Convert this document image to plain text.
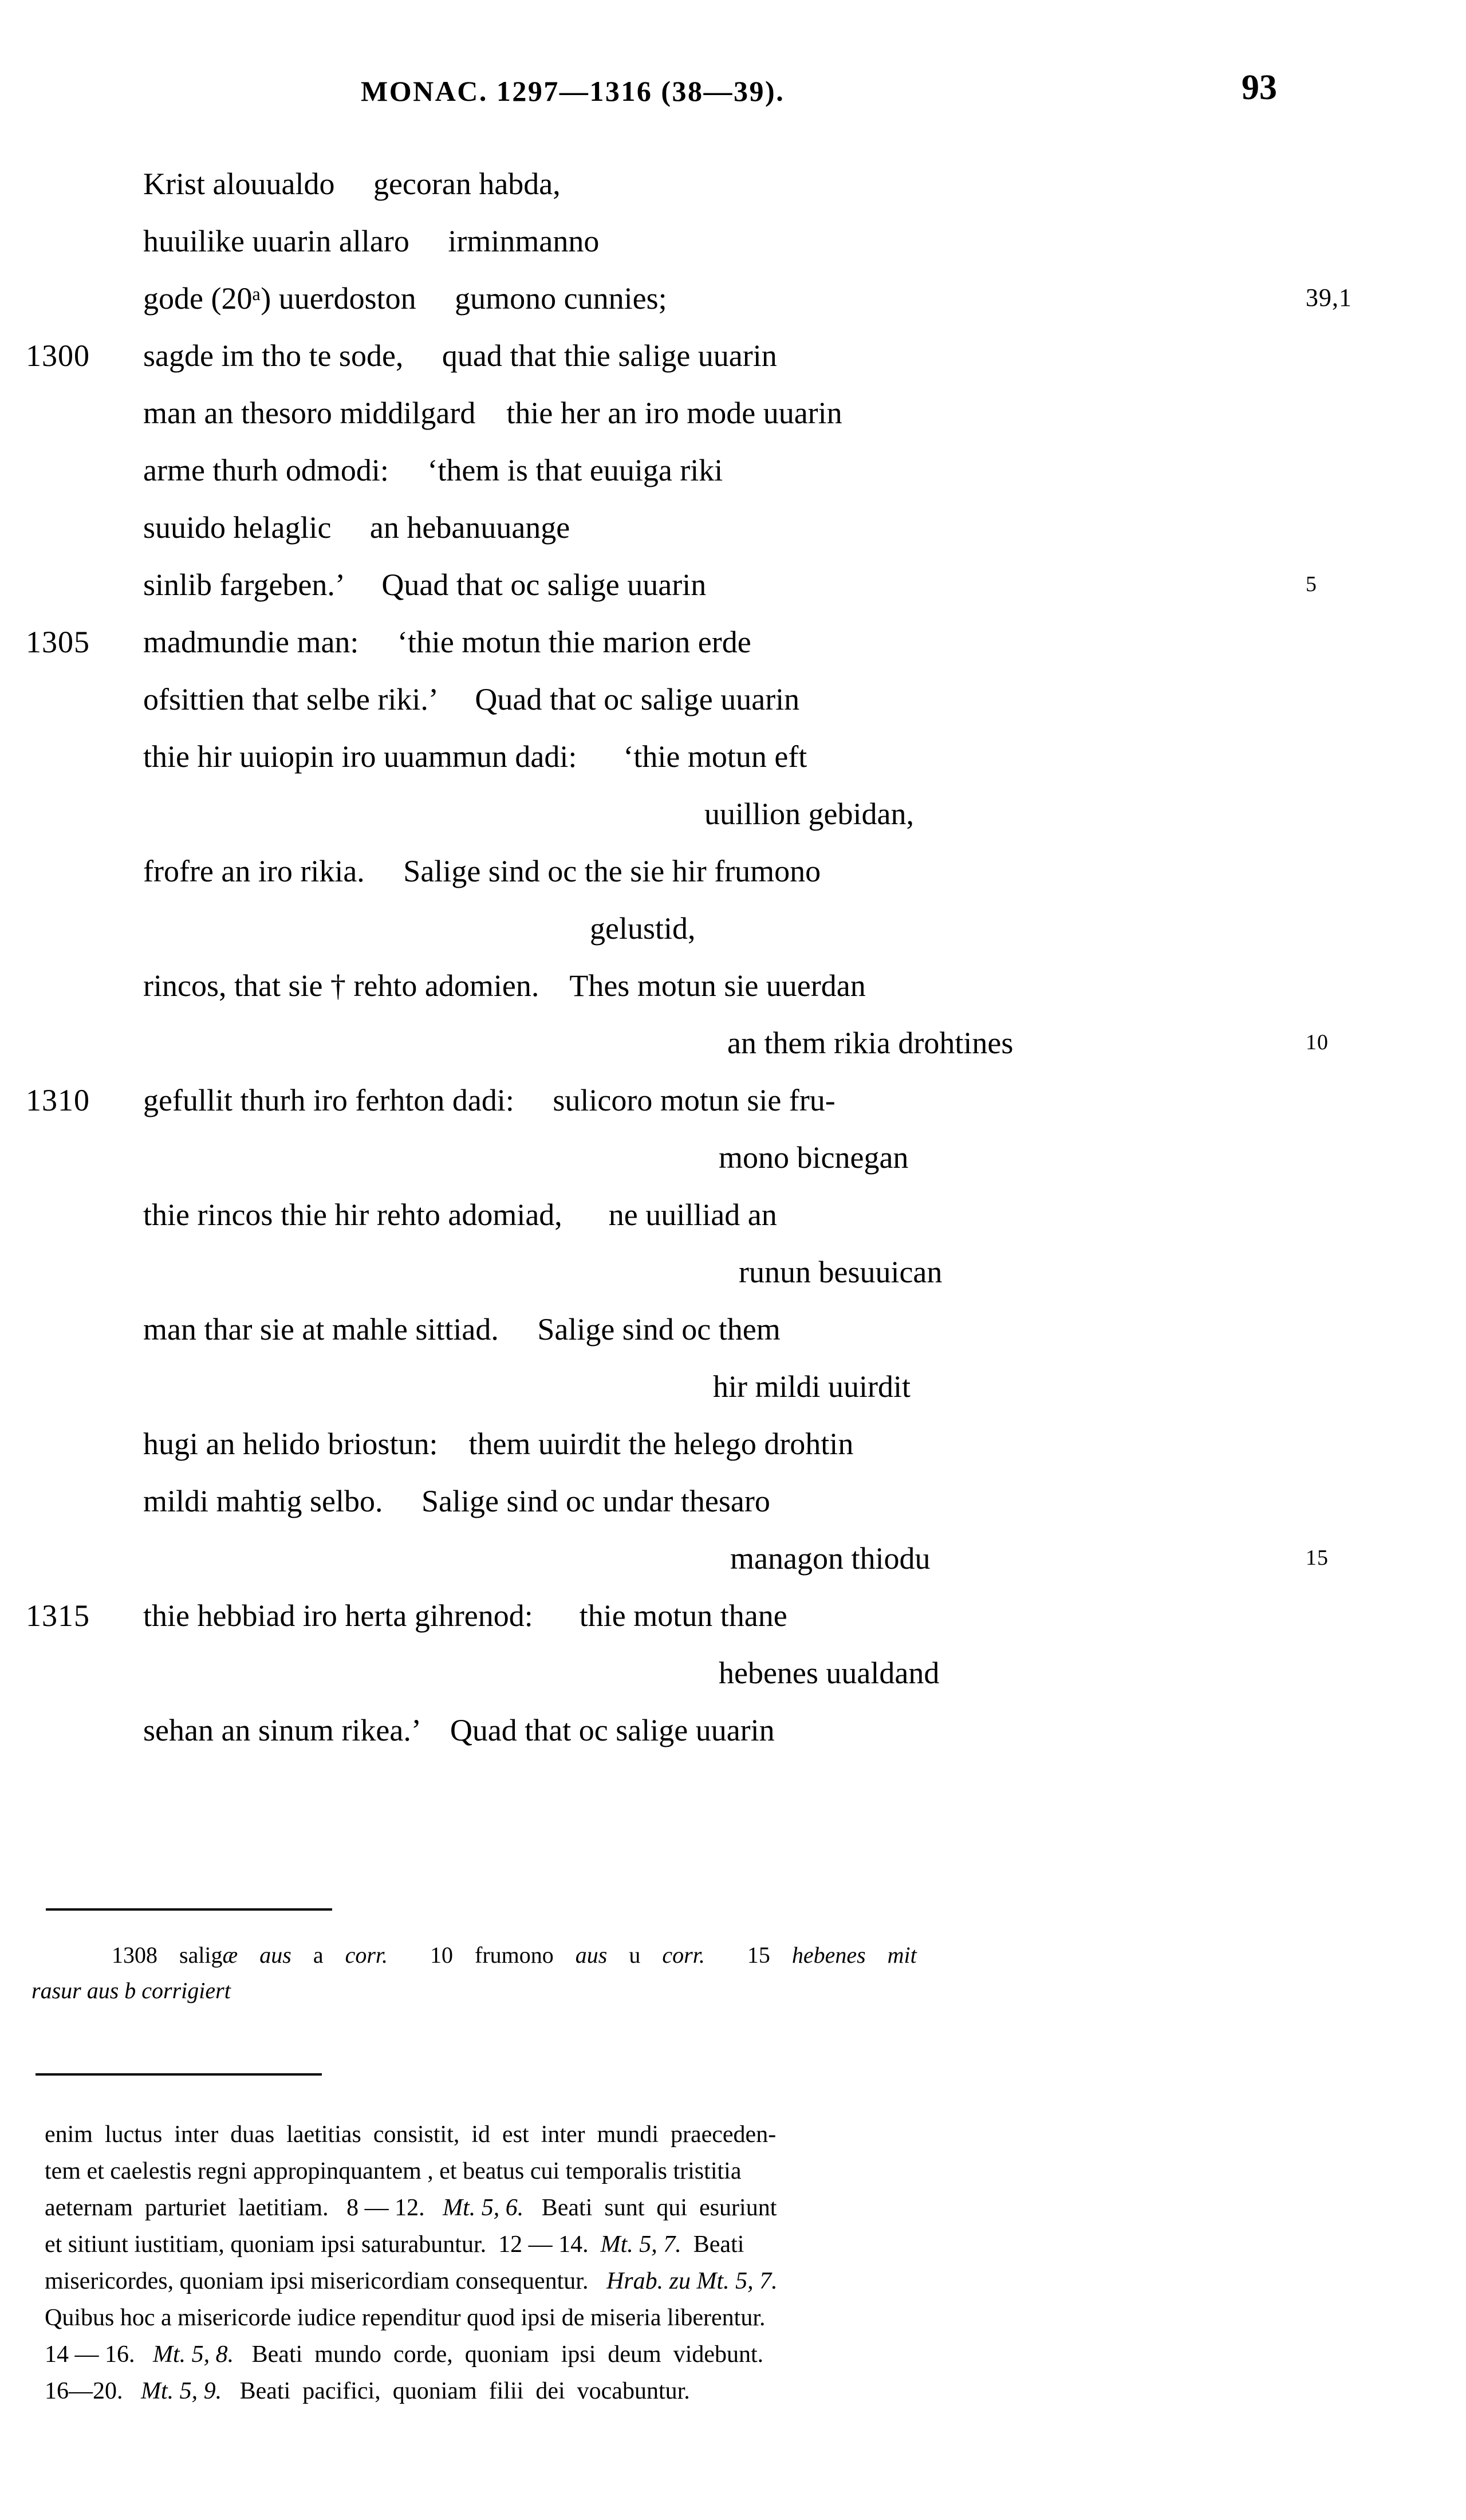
MONAC. 1297—1316 (38—39).	93
Krist alouualdo     gecoran habda,
huuilike uuarin allaro     irminmanno
gode (20ᵃ) uuerdoston     gumono cunnies;	39,1
1300 sagde im tho te sode,     quad that thie salige uuarin
man an thesoro middilgard    thie her an iro mode uuarin
arme thurh odmodi:     ‘them is that euuiga riki
suuido helaglic     an hebanuuange
sinlib fargeben.’     Quad that oc salige uuarin	5
1305 madmundie man:     ‘thie motun thie marion erde
ofsittien that selbe riki.’     Quad that oc salige uuarin
thie hir uuiopin iro uuammun dadi:      ‘thie motun eft
uuillion gebidan,
frofre an iro rikia.     Salige sind oc the sie hir frumono
gelustid,
rincos, that sie † rehto adomien.    Thes motun sie uuerdan
an them rikia drohtines	10
1310 gefullit thurh iro ferhton dadi:     sulicoro motun sie fru-
mono bicnegan
thie rincos thie hir rehto adomiad,      ne uuilliad an
runun besuuican
man thar sie at mahle sittiad.     Salige sind oc them
hir mildi uuirdit
hugi an helido briostun:    them uuirdit the helego drohtin
mildi mahtig selbo.     Salige sind oc undar thesaro
managon thiodu	15
1315 thie hebbiad iro herta gihrenod:      thie motun thane
hebenes uualdand
sehan an sinum rikea.’    Quad that oc salige uuarin
1308 saligæ aus a corr. 10 frumono aus u corr. 15 hebenes mit
rasur aus b corrigiert
enim  luctus  inter  duas  laetitias  consistit,  id  est  inter  mundi  praeceden-
tem et caelestis regni appropinquantem , et beatus cui temporalis tristitia
aeternam  parturiet  laetitiam.   8 — 12.   Mt. 5, 6.   Beati  sunt  qui  esuriunt
et sitiunt iustitiam, quoniam ipsi saturabuntur.  12 — 14.  Mt. 5, 7.  Beati
misericordes, quoniam ipsi misericordiam consequentur.   Hrab. zu Mt. 5, 7.
Quibus hoc a misericorde iudice rependitur quod ipsi de miseria liberentur.
14 — 16.   Mt. 5, 8.   Beati  mundo  corde,  quoniam  ipsi  deum  videbunt.
16—20.   Mt. 5, 9.   Beati  pacifici,  quoniam  filii  dei  vocabuntur.
